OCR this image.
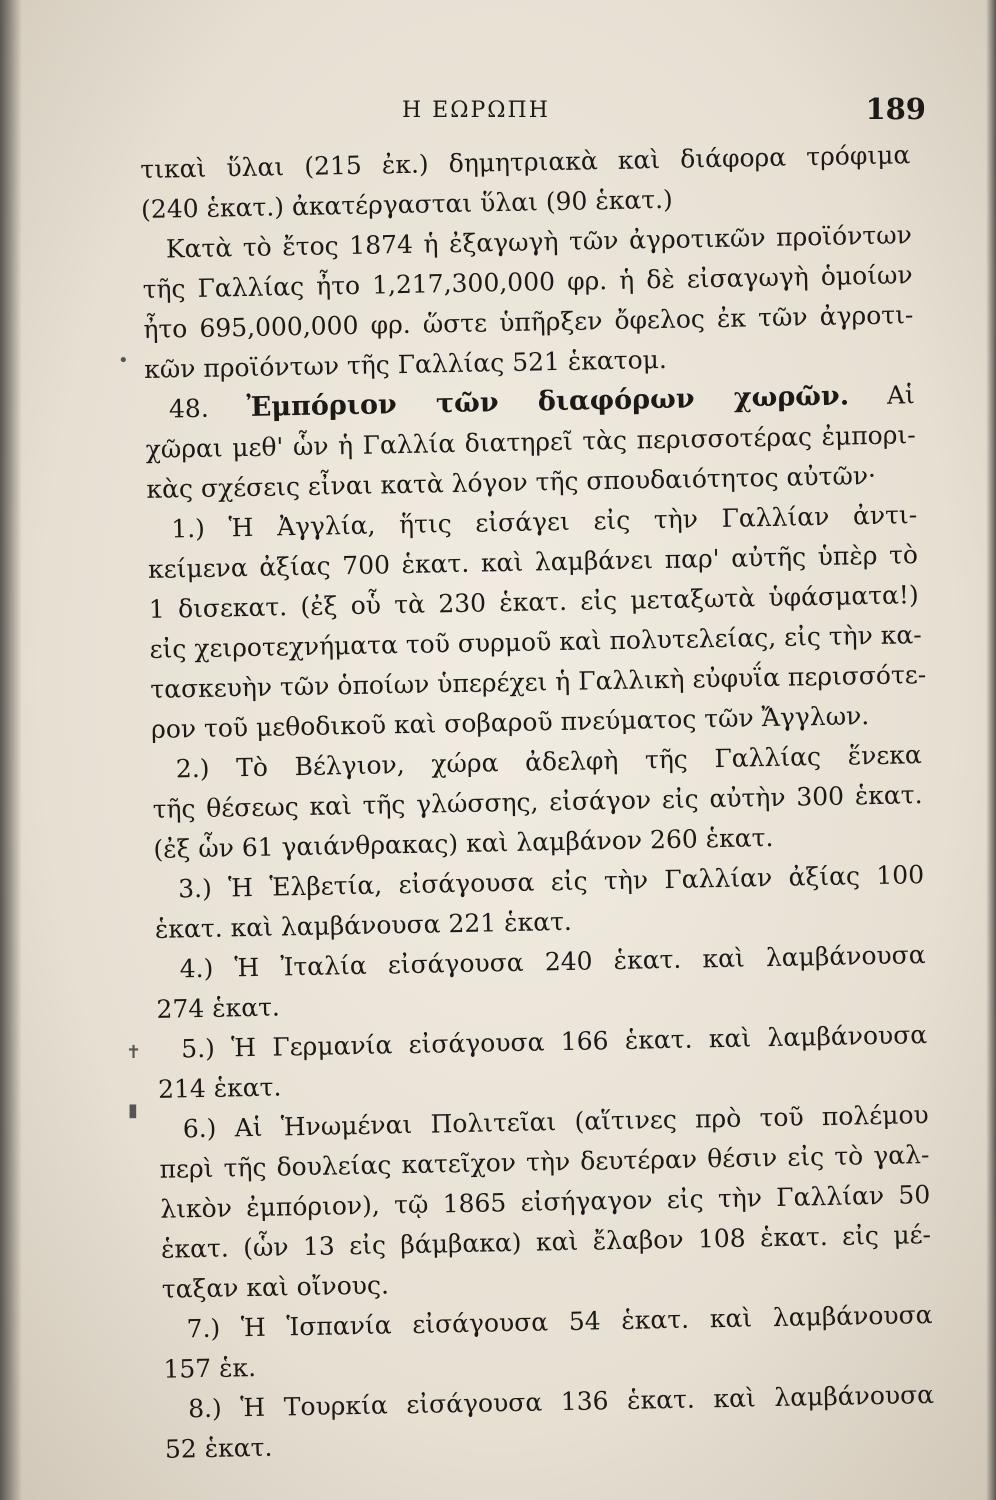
Η ΕΩΡΩΠΗ	189
τικαὶ ὕλαι (215 ἐκ.) δημητριακὰ καὶ διάφορα τρόφιμα
(240 ἑκατ.) ἀκατέργασται ὕλαι (90 ἑκατ.)
Κατὰ τὸ ἔτος 1874 ἡ ἐξαγωγὴ τῶν ἀγροτικῶν προϊόντων
τῆς Γαλλίας ἦτο 1,217,300,000 φρ. ἡ δὲ εἰσαγωγὴ ὁμοίων
ἦτο 695,000,000 φρ. ὥστε ὑπῆρξεν ὄφελος ἐκ τῶν ἀγροτι-
κῶν προϊόντων τῆς Γαλλίας 521 ἑκατομ.
48. Ἐμπόριον τῶν διαφόρων χωρῶν. Αἱ
χῶραι μεθ' ὧν ἡ Γαλλία διατηρεῖ τὰς περισσοτέρας ἐμπορι-
κὰς σχέσεις εἶναι κατὰ λόγον τῆς σπουδαιότητος αὐτῶν·
1.) Ἡ Ἀγγλία, ἥτις εἰσάγει εἰς τὴν Γαλλίαν ἀντι-
κείμενα ἀξίας 700 ἑκατ. καὶ λαμβάνει παρ' αὐτῆς ὑπὲρ τὸ
1 δισεκατ. (ἐξ οὗ τὰ 230 ἑκατ. εἰς μεταξωτὰ ὑφάσματα!)
εἰς χειροτεχνήματα τοῦ συρμοῦ καὶ πολυτελείας, εἰς τὴν κα-
τασκευὴν τῶν ὁποίων ὑπερέχει ἡ Γαλλικὴ εὐφυΐα περισσότε-
ρον τοῦ μεθοδικοῦ καὶ σοβαροῦ πνεύματος τῶν Ἄγγλων.
2.) Τὸ Βέλγιον, χώρα ἀδελφὴ τῆς Γαλλίας ἕνεκα
τῆς θέσεως καὶ τῆς γλώσσης, εἰσάγον εἰς αὐτὴν 300 ἑκατ.
(ἐξ ὧν 61 γαιάνθρακας) καὶ λαμβάνον 260 ἑκατ.
3.) Ἡ Ἑλβετία, εἰσάγουσα εἰς τὴν Γαλλίαν ἀξίας 100
ἑκατ. καὶ λαμβάνουσα 221 ἑκατ.
4.) Ἡ Ἰταλία εἰσάγουσα 240 ἑκατ. καὶ λαμβάνουσα
274 ἑκατ.
5.) Ἡ Γερμανία εἰσάγουσα 166 ἑκατ. καὶ λαμβάνουσα
214 ἑκατ.
6.) Αἱ Ἡνωμέναι Πολιτεῖαι (αἵτινες πρὸ τοῦ πολέμου
περὶ τῆς δουλείας κατεῖχον τὴν δευτέραν θέσιν εἰς τὸ γαλ-
λικὸν ἐμπόριον), τῷ 1865 εἰσήγαγον εἰς τὴν Γαλλίαν 50
ἑκατ. (ὧν 13 εἰς βάμβακα) καὶ ἔλαβον 108 ἑκατ. εἰς μέ-
ταξαν καὶ οἴνους.
7.) Ἡ Ἱσπανία εἰσάγουσα 54 ἑκατ. καὶ λαμβάνουσα
157 ἑκ.
8.) Ἡ Τουρκία εἰσάγουσα 136 ἑκατ. καὶ λαμβάνουσα
52 ἑκατ.
•
✝
▮
